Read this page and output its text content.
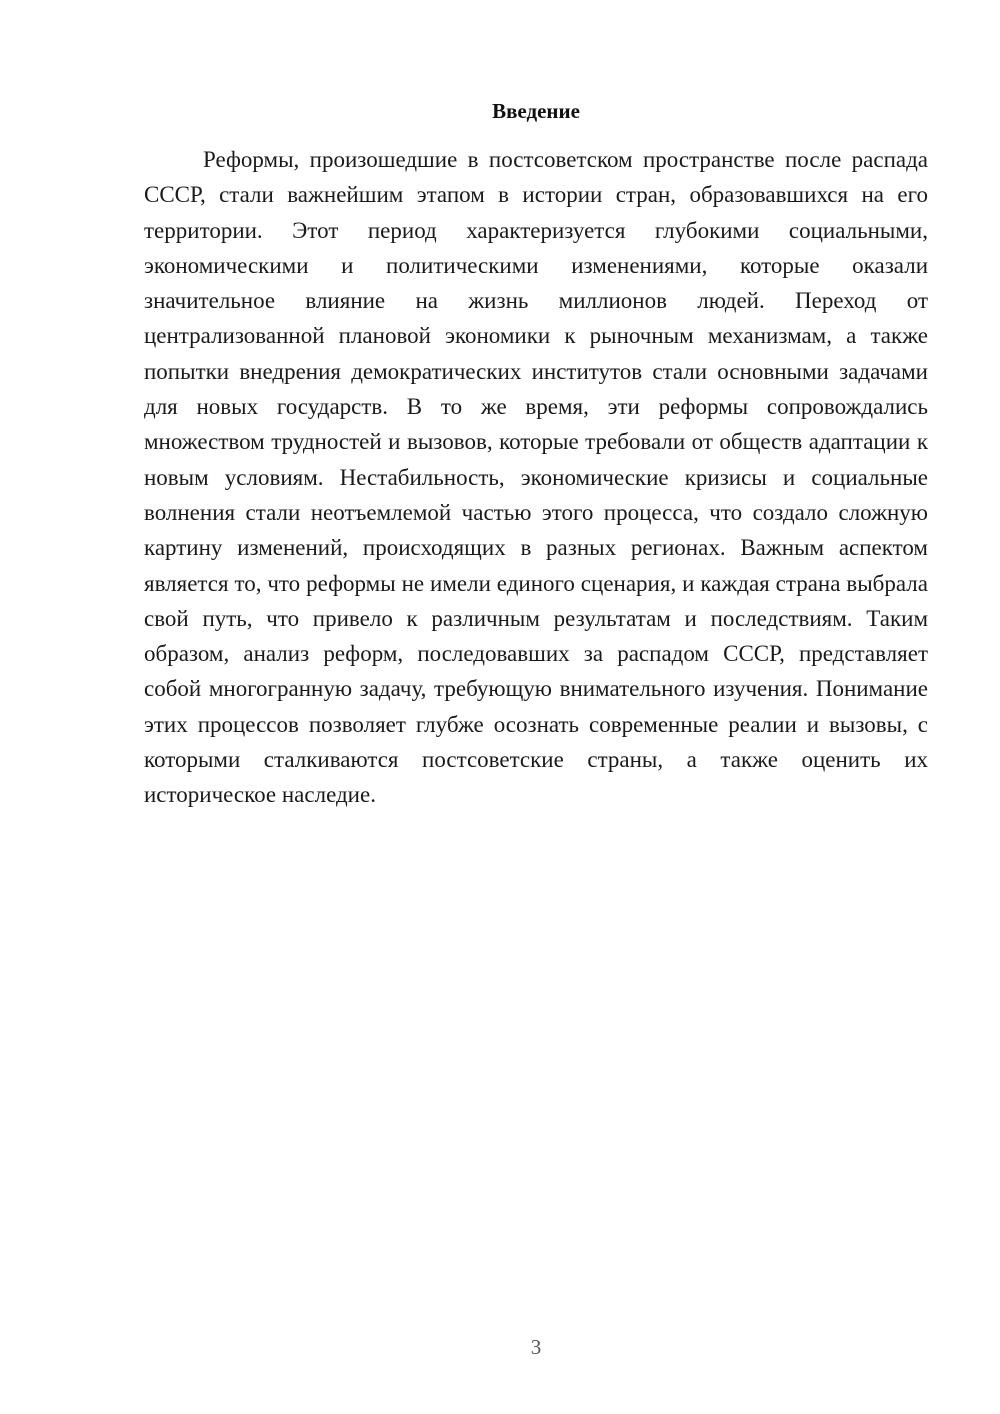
Введение

Реформы, произошедшие в постсоветском пространстве после распада СССР, стали важнейшим этапом в истории стран, образовавшихся на его территории. Этот период характеризуется глубокими социальными, экономическими и политическими изменениями, которые оказали значительное влияние на жизнь миллионов людей. Переход от централизованной плановой экономики к рыночным механизмам, а также попытки внедрения демократических институтов стали основными задачами для новых государств. В то же время, эти реформы сопровождались множеством трудностей и вызовов, которые требовали от обществ адаптации к новым условиям. Нестабильность, экономические кризисы и социальные волнения стали неотъемлемой частью этого процесса, что создало сложную картину изменений, происходящих в разных регионах. Важным аспектом является то, что реформы не имели единого сценария, и каждая страна выбрала свой путь, что привело к различным результатам и последствиям. Таким образом, анализ реформ, последовавших за распадом СССР, представляет собой многогранную задачу, требующую внимательного изучения. Понимание этих процессов позволяет глубже осознать современные реалии и вызовы, с которыми сталкиваются постсоветские страны, а также оценить их историческое наследие.

3
